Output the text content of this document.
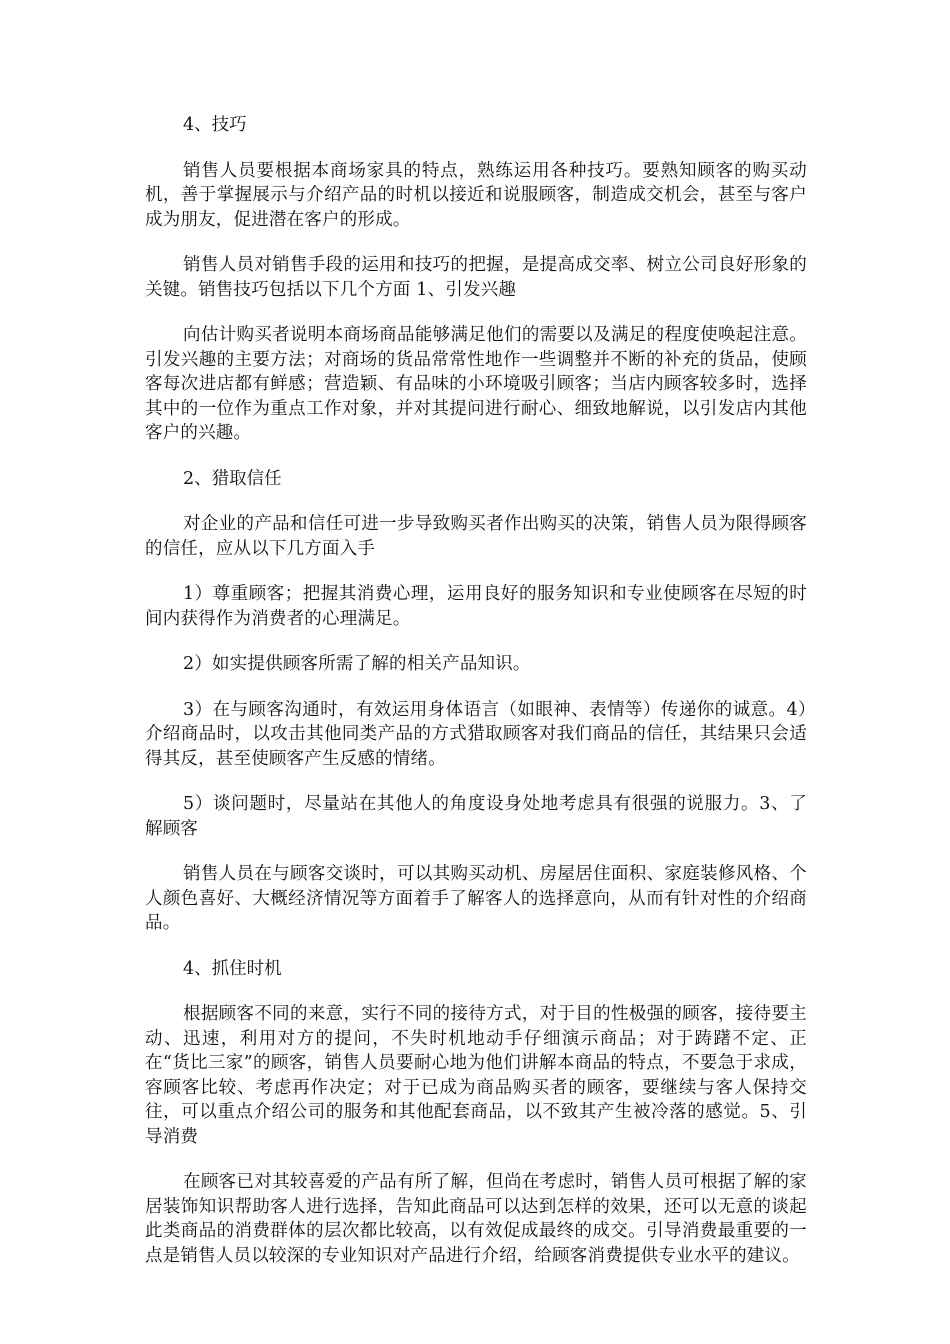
4、技巧

销售人员要根据本商场家具的特点，熟练运用各种技巧。要熟知顾客的购买动机，善于掌握展示与介绍产品的时机以接近和说服顾客，制造成交机会，甚至与客户成为朋友，促进潜在客户的形成。

销售人员对销售手段的运用和技巧的把握，是提高成交率、树立公司良好形象的关键。销售技巧包括以下几个方面 1、引发兴趣

向估计购买者说明本商场商品能够满足他们的需要以及满足的程度使唤起注意。引发兴趣的主要方法；对商场的货品常常性地作一些调整并不断的补充的货品，使顾客每次进店都有鲜感；营造颖、有品味的小环境吸引顾客；当店内顾客较多时，选择其中的一位作为重点工作对象，并对其提问进行耐心、细致地解说，以引发店内其他客户的兴趣。

2、猎取信任

对企业的产品和信任可进一步导致购买者作出购买的决策，销售人员为限得顾客的信任，应从以下几方面入手

1）尊重顾客；把握其消费心理，运用良好的服务知识和专业使顾客在尽短的时间内获得作为消费者的心理满足。

2）如实提供顾客所需了解的相关产品知识。

3）在与顾客沟通时，有效运用身体语言（如眼神、表情等）传递你的诚意。4）介绍商品时，以攻击其他同类产品的方式猎取顾客对我们商品的信任，其结果只会适得其反，甚至使顾客产生反感的情绪。

5）谈问题时，尽量站在其他人的角度设身处地考虑具有很强的说服力。3、了解顾客

销售人员在与顾客交谈时，可以其购买动机、房屋居住面积、家庭装修风格、个人颜色喜好、大概经济情况等方面着手了解客人的选择意向，从而有针对性的介绍商品。

4、抓住时机

根据顾客不同的来意，实行不同的接待方式，对于目的性极强的顾客，接待要主动、迅速，利用对方的提问，不失时机地动手仔细演示商品；对于踌躇不定、正在“货比三家”的顾客，销售人员要耐心地为他们讲解本商品的特点，不要急于求成，容顾客比较、考虑再作决定；对于已成为商品购买者的顾客，要继续与客人保持交往，可以重点介绍公司的服务和其他配套商品，以不致其产生被冷落的感觉。5、引导消费

在顾客已对其较喜爱的产品有所了解，但尚在考虑时，销售人员可根据了解的家居装饰知识帮助客人进行选择，告知此商品可以达到怎样的效果，还可以无意的谈起此类商品的消费群体的层次都比较高，以有效促成最终的成交。引导消费最重要的一点是销售人员以较深的专业知识对产品进行介绍，给顾客消费提供专业水平的建议。
